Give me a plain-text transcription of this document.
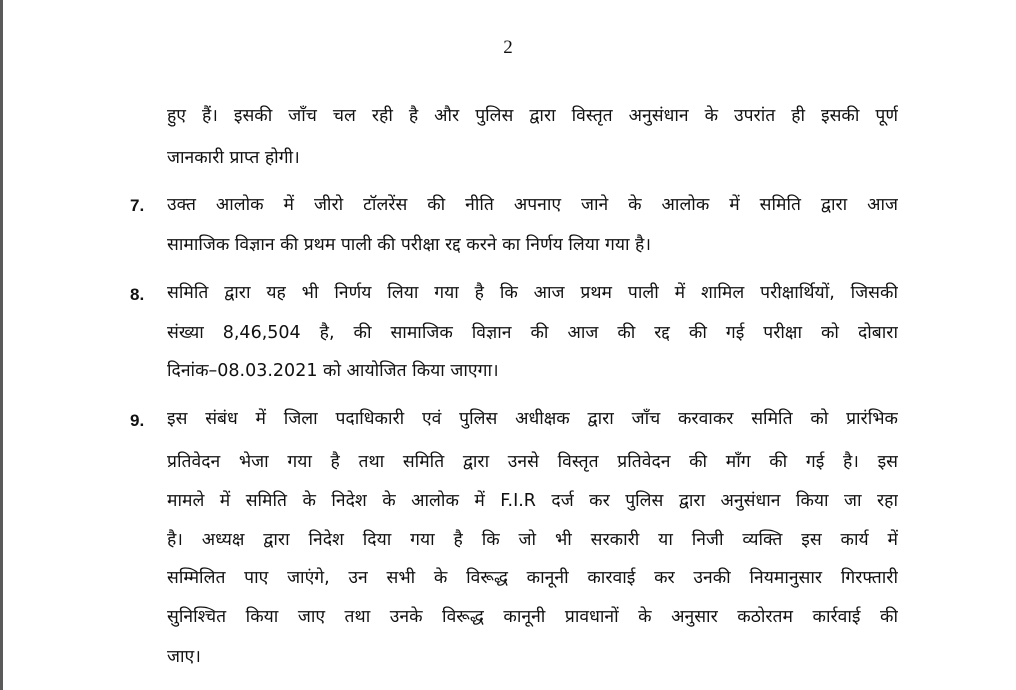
2
हुए हैं। इसकी जाँच चल रही है और पुलिस द्वारा विस्तृत अनुसंधान के उपरांत ही इसकी पूर्ण
जानकारी प्राप्त होगी।
7. उक्त आलोक में जीरो टॉलरेंस की नीति अपनाए जाने के आलोक में समिति द्वारा आज
सामाजिक विज्ञान की प्रथम पाली की परीक्षा रद्द करने का निर्णय लिया गया है।
8. समिति द्वारा यह भी निर्णय लिया गया है कि आज प्रथम पाली में शामिल परीक्षार्थियों, जिसकी
संख्या 8,46,504 है, की सामाजिक विज्ञान की आज की रद्द की गई परीक्षा को दोबारा
दिनांक–08.03.2021 को आयोजित किया जाएगा।
9. इस संबंध में जिला पदाधिकारी एवं पुलिस अधीक्षक द्वारा जाँच करवाकर समिति को प्रारंभिक
प्रतिवेदन भेजा गया है तथा समिति द्वारा उनसे विस्तृत प्रतिवेदन की माँग की गई है। इस
मामले में समिति के निदेश के आलोक में F.I.R दर्ज कर पुलिस द्वारा अनुसंधान किया जा रहा
है। अध्यक्ष द्वारा निदेश दिया गया है कि जो भी सरकारी या निजी व्यक्ति इस कार्य में
सम्मिलित पाए जाएंगे, उन सभी के विरूद्ध कानूनी कारवाई कर उनकी नियमानुसार गिरफ्तारी
सुनिश्चित किया जाए तथा उनके विरूद्ध कानूनी प्रावधानों के अनुसार कठोरतम कार्रवाई की
जाए।
